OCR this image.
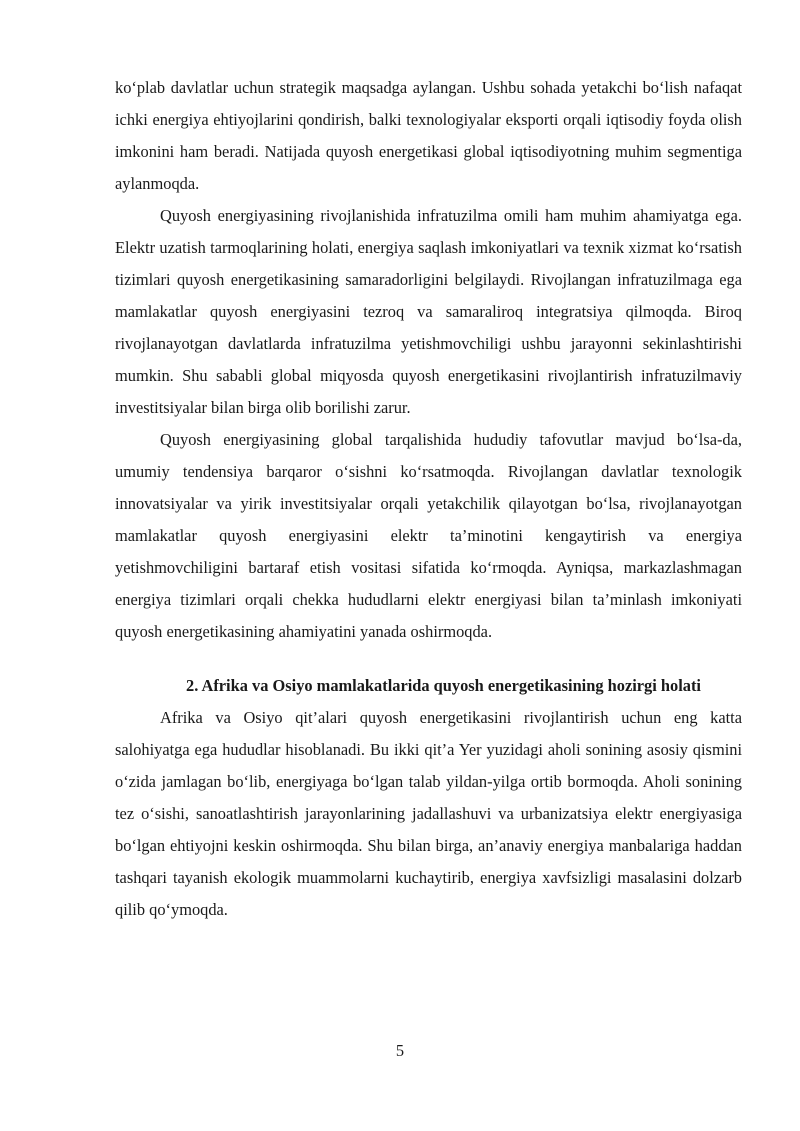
ko‘plab davlatlar uchun strategik maqsadga aylangan. Ushbu sohada yetakchi bo‘lish nafaqat ichki energiya ehtiyojlarini qondirish, balki texnologiyalar eksporti orqali iqtisodiy foyda olish imkonini ham beradi. Natijada quyosh energetikasi global iqtisodiyotning muhim segmentiga aylanmoqda.

Quyosh energiyasining rivojlanishida infratuzilma omili ham muhim ahamiyatga ega. Elektr uzatish tarmoqlarining holati, energiya saqlash imkoniyatlari va texnik xizmat ko‘rsatish tizimlari quyosh energetikasining samaradorligini belgilaydi. Rivojlangan infratuzilmaga ega mamlakatlar quyosh energiyasini tezroq va samaraliroq integratsiya qilmoqda. Biroq rivojlanayotgan davlatlarda infratuzilma yetishmovchiligi ushbu jarayonni sekinlashtirishi mumkin. Shu sababli global miqyosda quyosh energetikasini rivojlantirish infratuzilmaviy investitsiyalar bilan birga olib borilishi zarur.

Quyosh energiyasining global tarqalishida hududiy tafovutlar mavjud bo‘lsa-da, umumiy tendensiya barqaror o‘sishni ko‘rsatmoqda. Rivojlangan davlatlar texnologik innovatsiyalar va yirik investitsiyalar orqali yetakchilik qilayotgan bo‘lsa, rivojlanayotgan mamlakatlar quyosh energiyasini elektr ta’minotini kengaytirish va energiya yetishmovchiligini bartaraf etish vositasi sifatida ko‘rmoqda. Ayniqsa, markazlashmagan energiya tizimlari orqali chekka hududlarni elektr energiyasi bilan ta’minlash imkoniyati quyosh energetikasining ahamiyatini yanada oshirmoqda.

2. Afrika va Osiyo mamlakatlarida quyosh energetikasining hozirgi holati

Afrika va Osiyo qit’alari quyosh energetikasini rivojlantirish uchun eng katta salohiyatga ega hududlar hisoblanadi. Bu ikki qit’a Yer yuzidagi aholi sonining asosiy qismini o‘zida jamlagan bo‘lib, energiyaga bo‘lgan talab yildan-yilga ortib bormoqda. Aholi sonining tez o‘sishi, sanoatlashtirish jarayonlarining jadallashuvi va urbanizatsiya elektr energiyasiga bo‘lgan ehtiyojni keskin oshirmoqda. Shu bilan birga, an’anaviy energiya manbalariga haddan tashqari tayanish ekologik muammolarni kuchaytirib, energiya xavfsizligi masalasini dolzarb qilib qo‘ymoqda.

5
